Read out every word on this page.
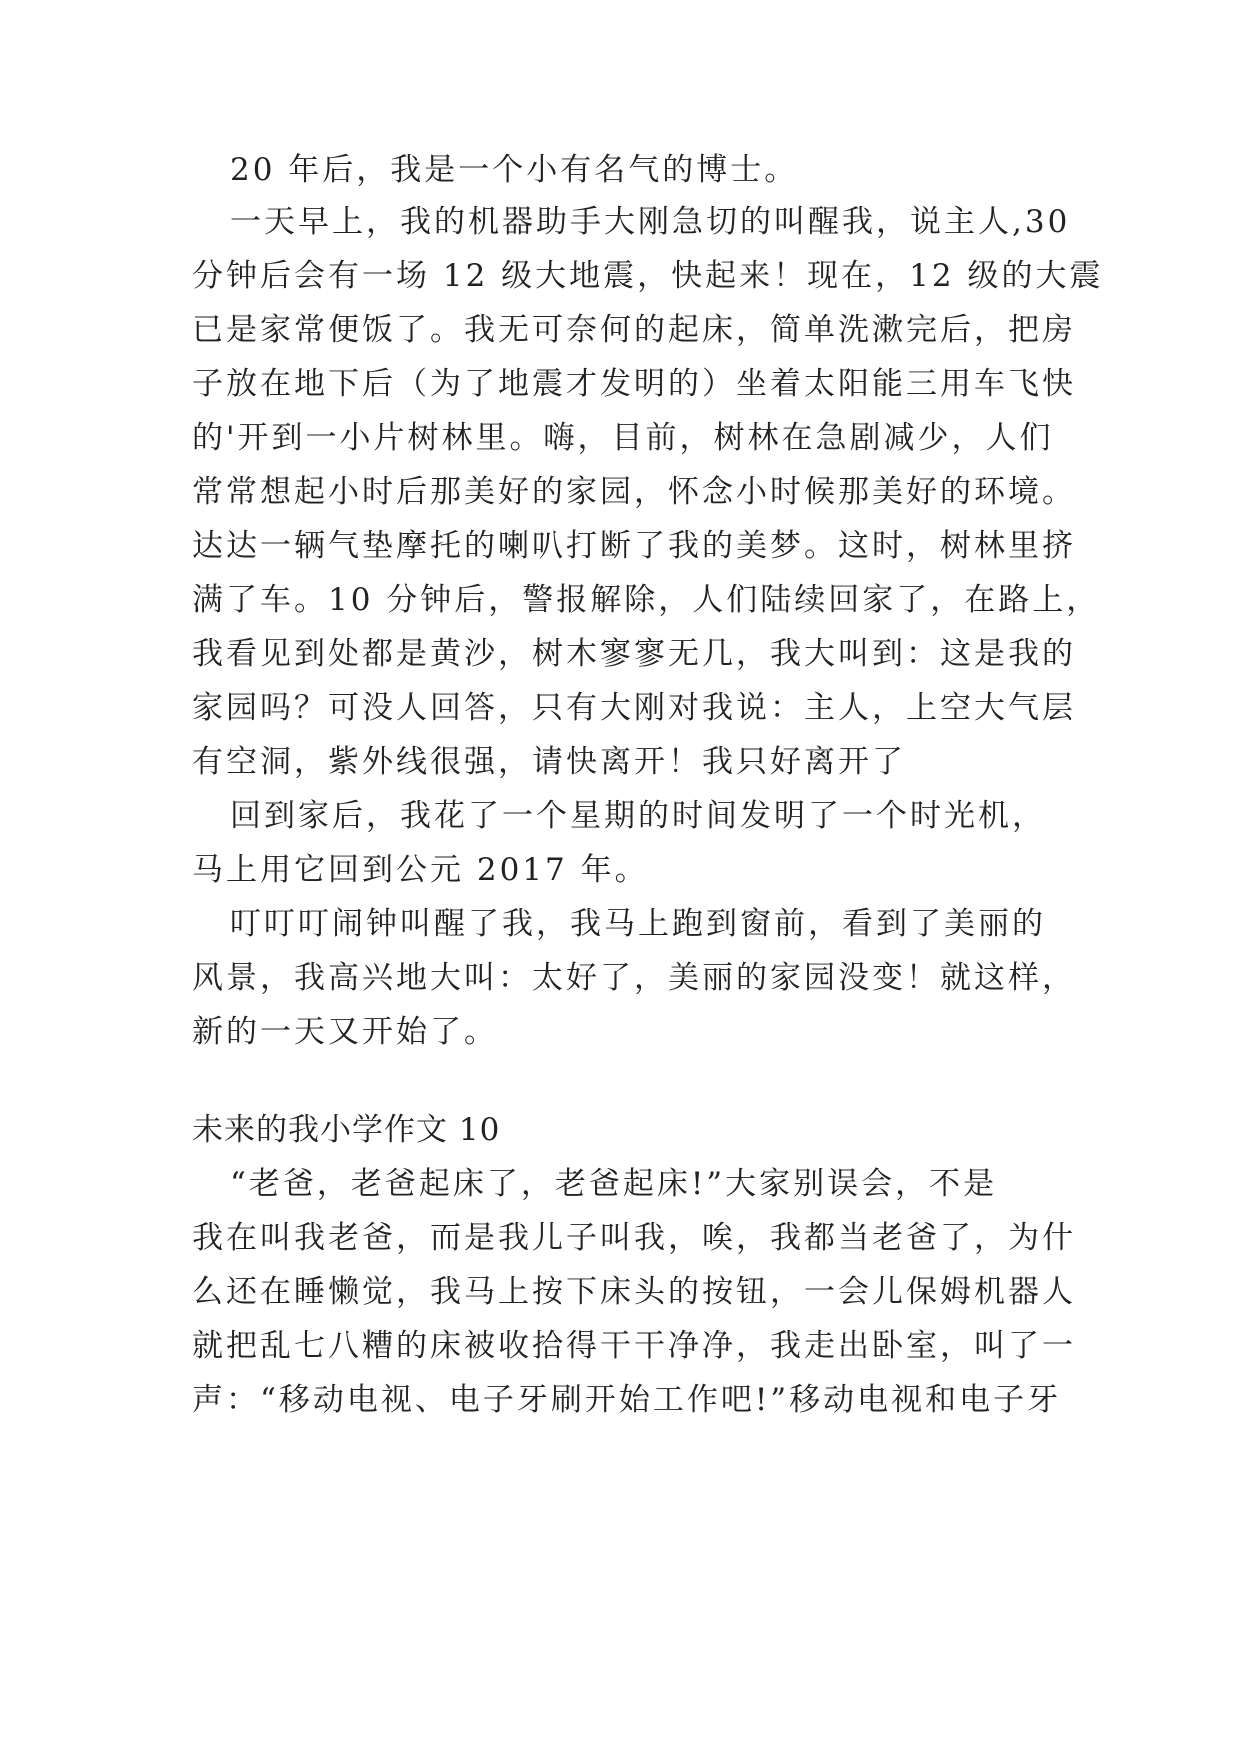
20 年后，我是一个小有名气的博士。
一天早上，我的机器助手大刚急切的叫醒我，说主人,30
分钟后会有一场 12 级大地震，快起来！现在，12 级的大震
已是家常便饭了。我无可奈何的起床，简单洗漱完后，把房
子放在地下后（为了地震才发明的）坐着太阳能三用车飞快
的'开到一小片树林里。嗨，目前，树林在急剧减少，人们
常常想起小时后那美好的家园，怀念小时候那美好的环境。
达达一辆气垫摩托的喇叭打断了我的美梦。这时，树林里挤
满了车。10 分钟后，警报解除，人们陆续回家了，在路上，
我看见到处都是黄沙，树木寥寥无几，我大叫到：这是我的
家园吗？可没人回答，只有大刚对我说：主人，上空大气层
有空洞，紫外线很强，请快离开！我只好离开了
回到家后，我花了一个星期的时间发明了一个时光机，
马上用它回到公元 2017 年。
叮叮叮闹钟叫醒了我，我马上跑到窗前，看到了美丽的
风景，我高兴地大叫：太好了，美丽的家园没变！就这样，
新的一天又开始了。
未来的我小学作文 10
“老爸，老爸起床了，老爸起床!”大家别误会，不是
我在叫我老爸，而是我儿子叫我，唉，我都当老爸了，为什
么还在睡懒觉，我马上按下床头的按钮，一会儿保姆机器人
就把乱七八糟的床被收拾得干干净净，我走出卧室，叫了一
声：“移动电视、电子牙刷开始工作吧!”移动电视和电子牙
